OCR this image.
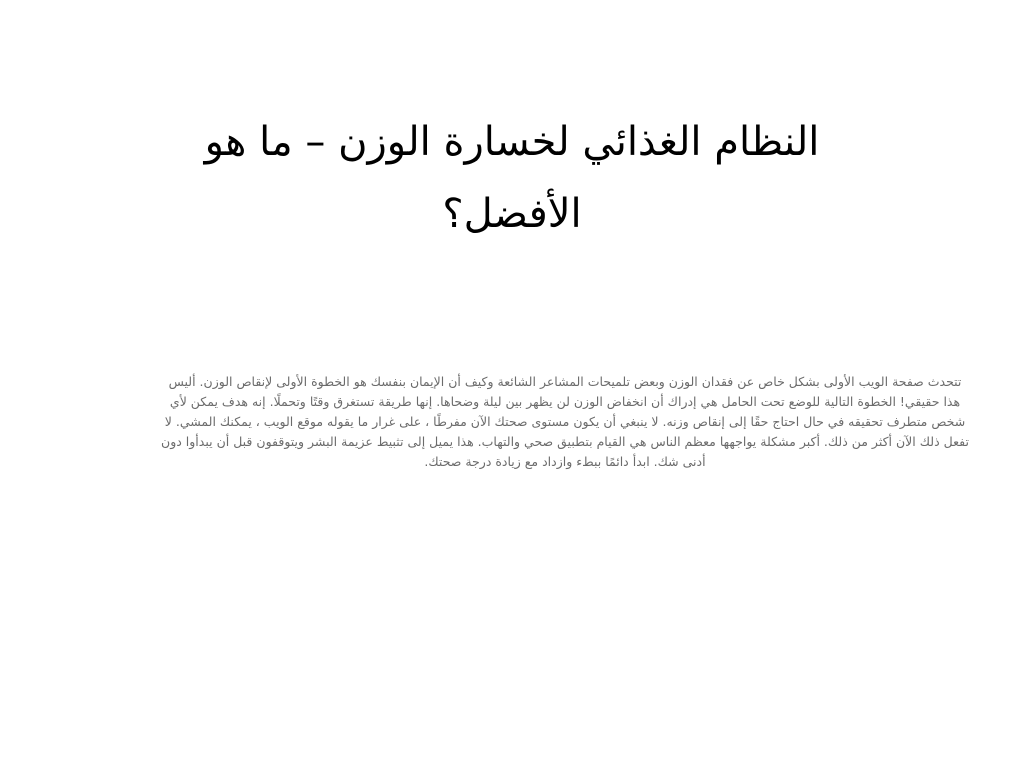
النظام الغذائي لخسارة الوزن – ما هو الأفضل؟

تتحدث صفحة الويب الأولى بشكل خاص عن فقدان الوزن وبعض تلميحات المشاعر الشائعة وكيف أن الإيمان بنفسك هو الخطوة الأولى لإنقاص الوزن. أليس هذا حقيقي! الخطوة التالية للوضع تحت الحامل هي إدراك أن انخفاض الوزن لن يظهر بين ليلة وضحاها. إنها طريقة تستغرق وقتًا وتحملًا. إنه هدف يمكن لأي شخص متطرف تحقيقه في حال احتاج حقًا إلى إنقاص وزنه. لا ينبغي أن يكون مستوى صحتك الآن مفرطًا ، على غرار ما يقوله موقع الويب ، يمكنك المشي. لا تفعل ذلك الآن أكثر من ذلك. أكبر مشكلة يواجهها معظم الناس هي القيام بتطبيق صحي والتهاب. هذا يميل إلى تثبيط عزيمة البشر ويتوقفون قبل أن يبدأوا دون أدنى شك. ابدأ دائمًا ببطء وازداد مع زيادة درجة صحتك.
